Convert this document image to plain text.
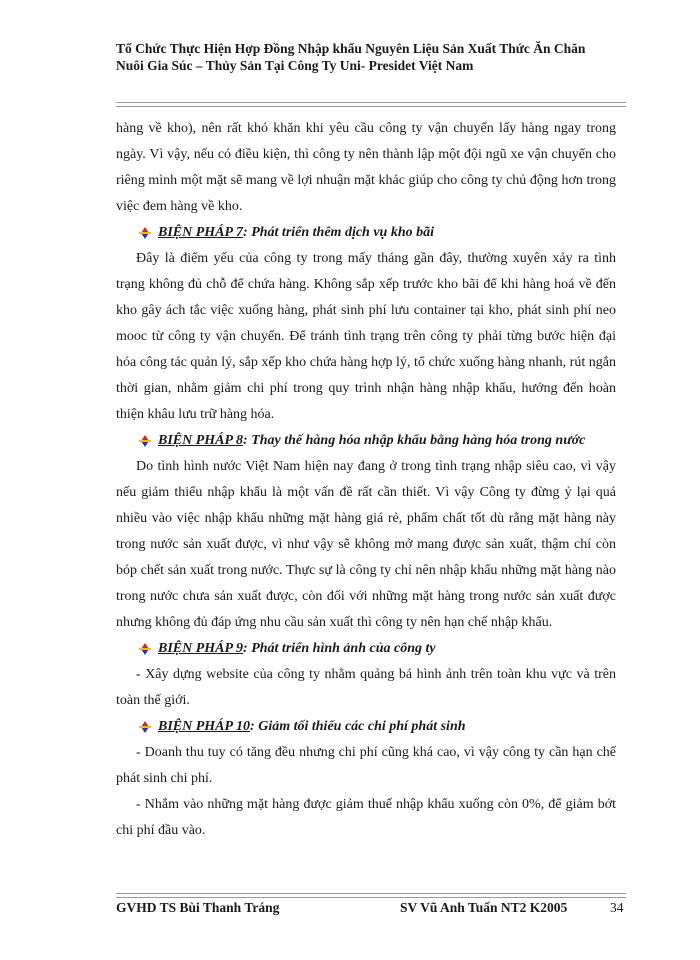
Tổ Chức Thực Hiện Hợp Đồng Nhập khẩu Nguyên Liệu Sản Xuất Thức Ăn Chăn Nuôi Gia Súc – Thủy Sản Tại Công Ty Uni- Presidet Việt Nam

hàng về kho), nên rất khó khăn khi yêu cầu công ty vận chuyển lấy hàng ngay trong ngày. Vì vậy, nếu có điều kiện, thì công ty nên thành lập một đội ngũ xe vận chuyển cho riêng mình một mặt sẽ mang về lợi nhuận mặt khác giúp cho công ty chủ động hơn trong việc đem hàng về kho.

BIỆN PHÁP 7: Phát triển thêm dịch vụ kho bãi

Đây là điểm yếu của công ty trong mấy tháng gần đây, thường xuyên xảy ra tình trạng không đủ chỗ để chứa hàng. Không sắp xếp trước kho bãi để khi hàng hoá về đến kho gây ách tắc việc xuống hàng, phát sinh phí lưu container tại kho, phát sinh phí neo mooc từ công ty vận chuyển. Để tránh tình trạng trên công ty phải từng bước hiện đại hóa công tác quản lý, sắp xếp kho chứa hàng hợp lý, tổ chức xuống hàng nhanh, rút ngắn thời gian, nhằm giảm chi phí trong quy trình nhận hàng nhập khẩu, hướng đến hoàn thiện khâu lưu trữ hàng hóa.

BIỆN PHÁP 8: Thay thế hàng hóa nhập khẩu bằng hàng hóa trong nước

Do tình hình nước Việt Nam hiện nay đang ở trong tình trạng nhập siêu cao, vì vậy nếu giảm thiểu nhập khẩu là một vấn đề rất cần thiết. Vì vậy Công ty đừng ỷ lại quá nhiều vào việc nhập khẩu những mặt hàng giá rẻ, phẩm chất tốt dù rằng mặt hàng này trong nước sản xuất được, vì như vậy sẽ không mở mang được sản xuất, thậm chí còn bóp chết sản xuất trong nước. Thực sự là công ty chỉ nên nhập khẩu những mặt hàng nào trong nước chưa sản xuất được, còn đối với những mặt hàng trong nước sản xuất được nhưng không đủ đáp ứng nhu cầu sản xuất thì công ty nên hạn chế nhập khẩu.

BIỆN PHÁP 9: Phát triển hình ảnh của công ty

- Xây dựng website của công ty nhằm quảng bá hình ảnh trên toàn khu vực và trên toàn thế giới.

BIỆN PHÁP 10: Giảm tối thiểu các chi phí phát sinh

- Doanh thu tuy có tăng đều nhưng chi phí cũng khá cao, vì vậy công ty cần hạn chế phát sinh chi phí.

- Nhắm vào những mặt hàng được giảm thuế nhập khẩu xuống còn 0%, để giảm bớt chi phí đầu vào.

GVHD TS Bùi Thanh Tráng	SV Vũ Anh Tuấn NT2 K2005	34
